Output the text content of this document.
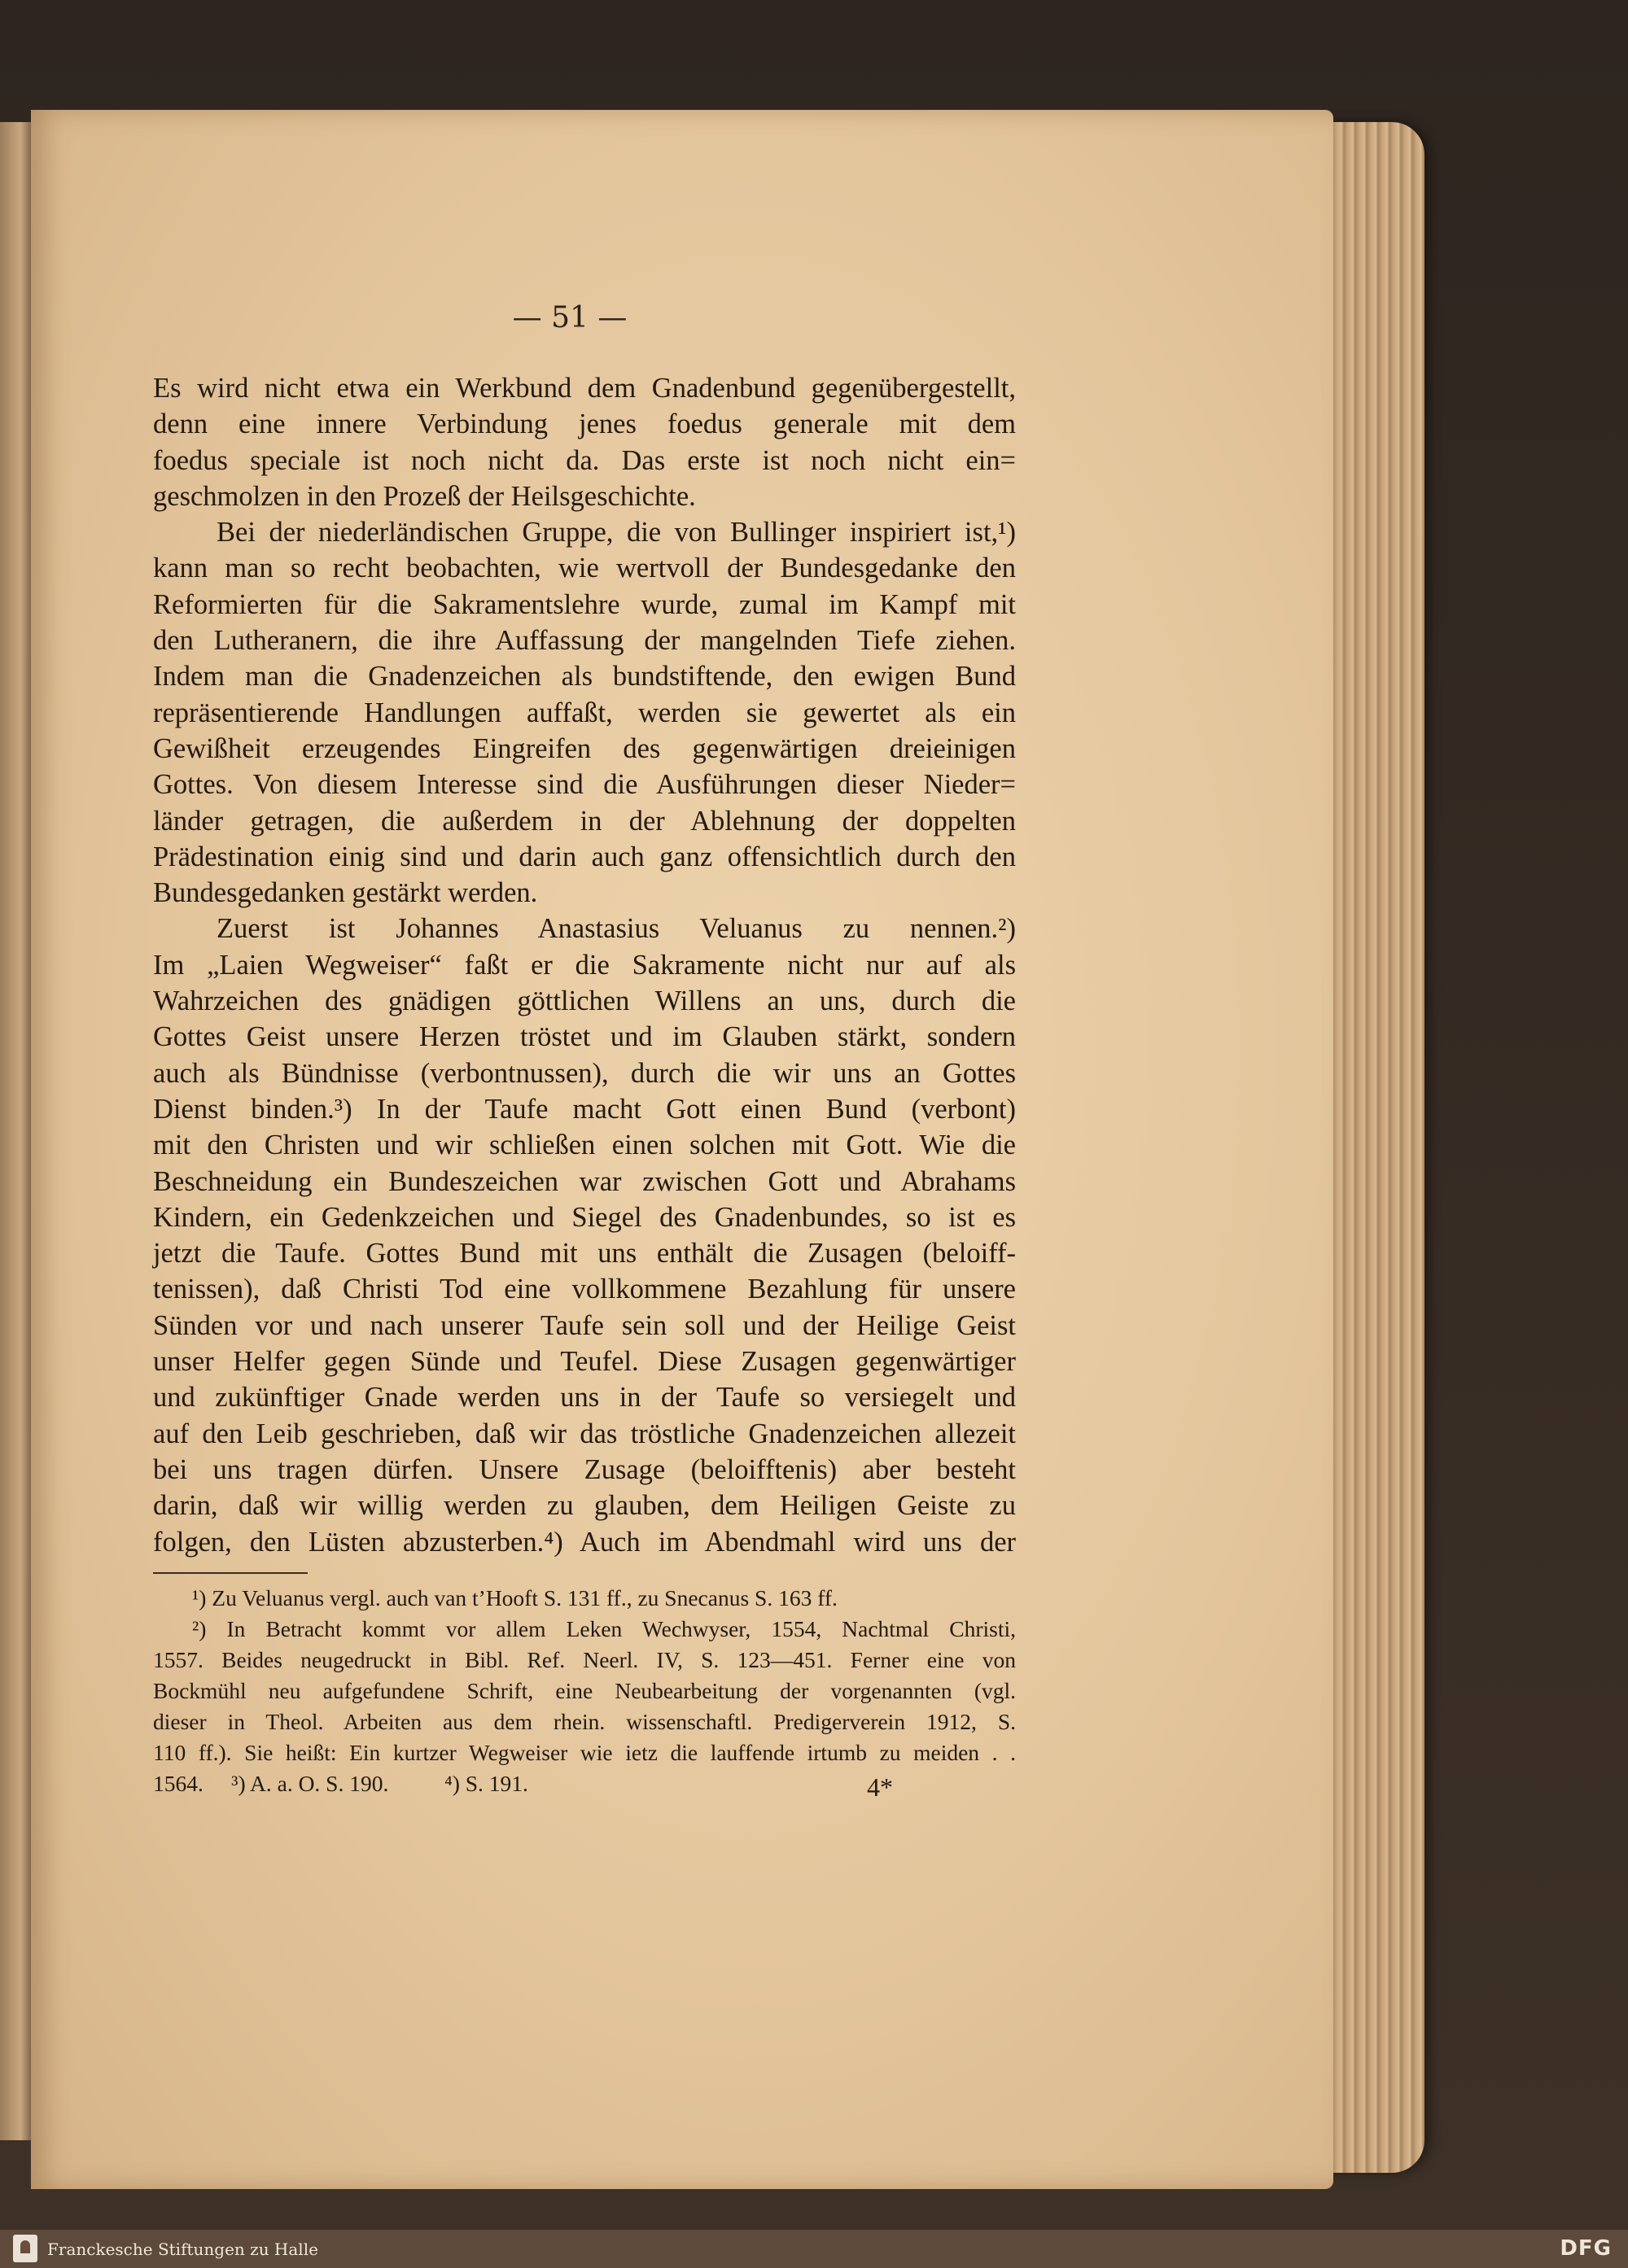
— 51 —
Es wird nicht etwa ein Werkbund dem Gnadenbund gegenübergestellt,
denn eine innere Verbindung jenes foedus generale mit dem
foedus speciale ist noch nicht da. Das erste ist noch nicht ein=
geschmolzen in den Prozeß der Heilsgeschichte.
Bei der niederländischen Gruppe, die von Bullinger inspiriert ist,¹)
kann man so recht beobachten, wie wertvoll der Bundesgedanke den
Reformierten für die Sakramentslehre wurde, zumal im Kampf mit
den Lutheranern, die ihre Auffassung der mangelnden Tiefe ziehen.
Indem man die Gnadenzeichen als bundstiftende, den ewigen Bund
repräsentierende Handlungen auffaßt, werden sie gewertet als ein
Gewißheit erzeugendes Eingreifen des gegenwärtigen dreieinigen
Gottes. Von diesem Interesse sind die Ausführungen dieser Nieder=
länder getragen, die außerdem in der Ablehnung der doppelten
Prädestination einig sind und darin auch ganz offensichtlich durch den
Bundesgedanken gestärkt werden.
Zuerst ist Johannes Anastasius Veluanus zu nennen.²)
Im „Laien Wegweiser“ faßt er die Sakramente nicht nur auf als
Wahrzeichen des gnädigen göttlichen Willens an uns, durch die
Gottes Geist unsere Herzen tröstet und im Glauben stärkt, sondern
auch als Bündnisse (verbontnussen), durch die wir uns an Gottes
Dienst binden.³) In der Taufe macht Gott einen Bund (verbont)
mit den Christen und wir schließen einen solchen mit Gott. Wie die
Beschneidung ein Bundeszeichen war zwischen Gott und Abrahams
Kindern, ein Gedenkzeichen und Siegel des Gnadenbundes, so ist es
jetzt die Taufe. Gottes Bund mit uns enthält die Zusagen (beloiff-
tenissen), daß Christi Tod eine vollkommene Bezahlung für unsere
Sünden vor und nach unserer Taufe sein soll und der Heilige Geist
unser Helfer gegen Sünde und Teufel. Diese Zusagen gegenwärtiger
und zukünftiger Gnade werden uns in der Taufe so versiegelt und
auf den Leib geschrieben, daß wir das tröstliche Gnadenzeichen allezeit
bei uns tragen dürfen. Unsere Zusage (beloifftenis) aber besteht
darin, daß wir willig werden zu glauben, dem Heiligen Geiste zu
folgen, den Lüsten abzusterben.⁴) Auch im Abendmahl wird uns der
¹) Zu Veluanus vergl. auch van t’Hooft S. 131 ff., zu Snecanus S. 163 ff.
²) In Betracht kommt vor allem Leken Wechwyser, 1554, Nachtmal Christi,
1557. Beides neugedruckt in Bibl. Ref. Neerl. IV, S. 123—451. Ferner eine von
Bockmühl neu aufgefundene Schrift, eine Neubearbeitung der vorgenannten (vgl.
dieser in Theol. Arbeiten aus dem rhein. wissenschaftl. Predigerverein 1912, S.
110 ff.). Sie heißt: Ein kurtzer Wegweiser wie ietz die lauffende irtumb zu meiden . .
1564.     ³) A. a. O. S. 190.          ⁴) S. 191.	4*
Franckesche Stiftungen zu Halle	DFG
